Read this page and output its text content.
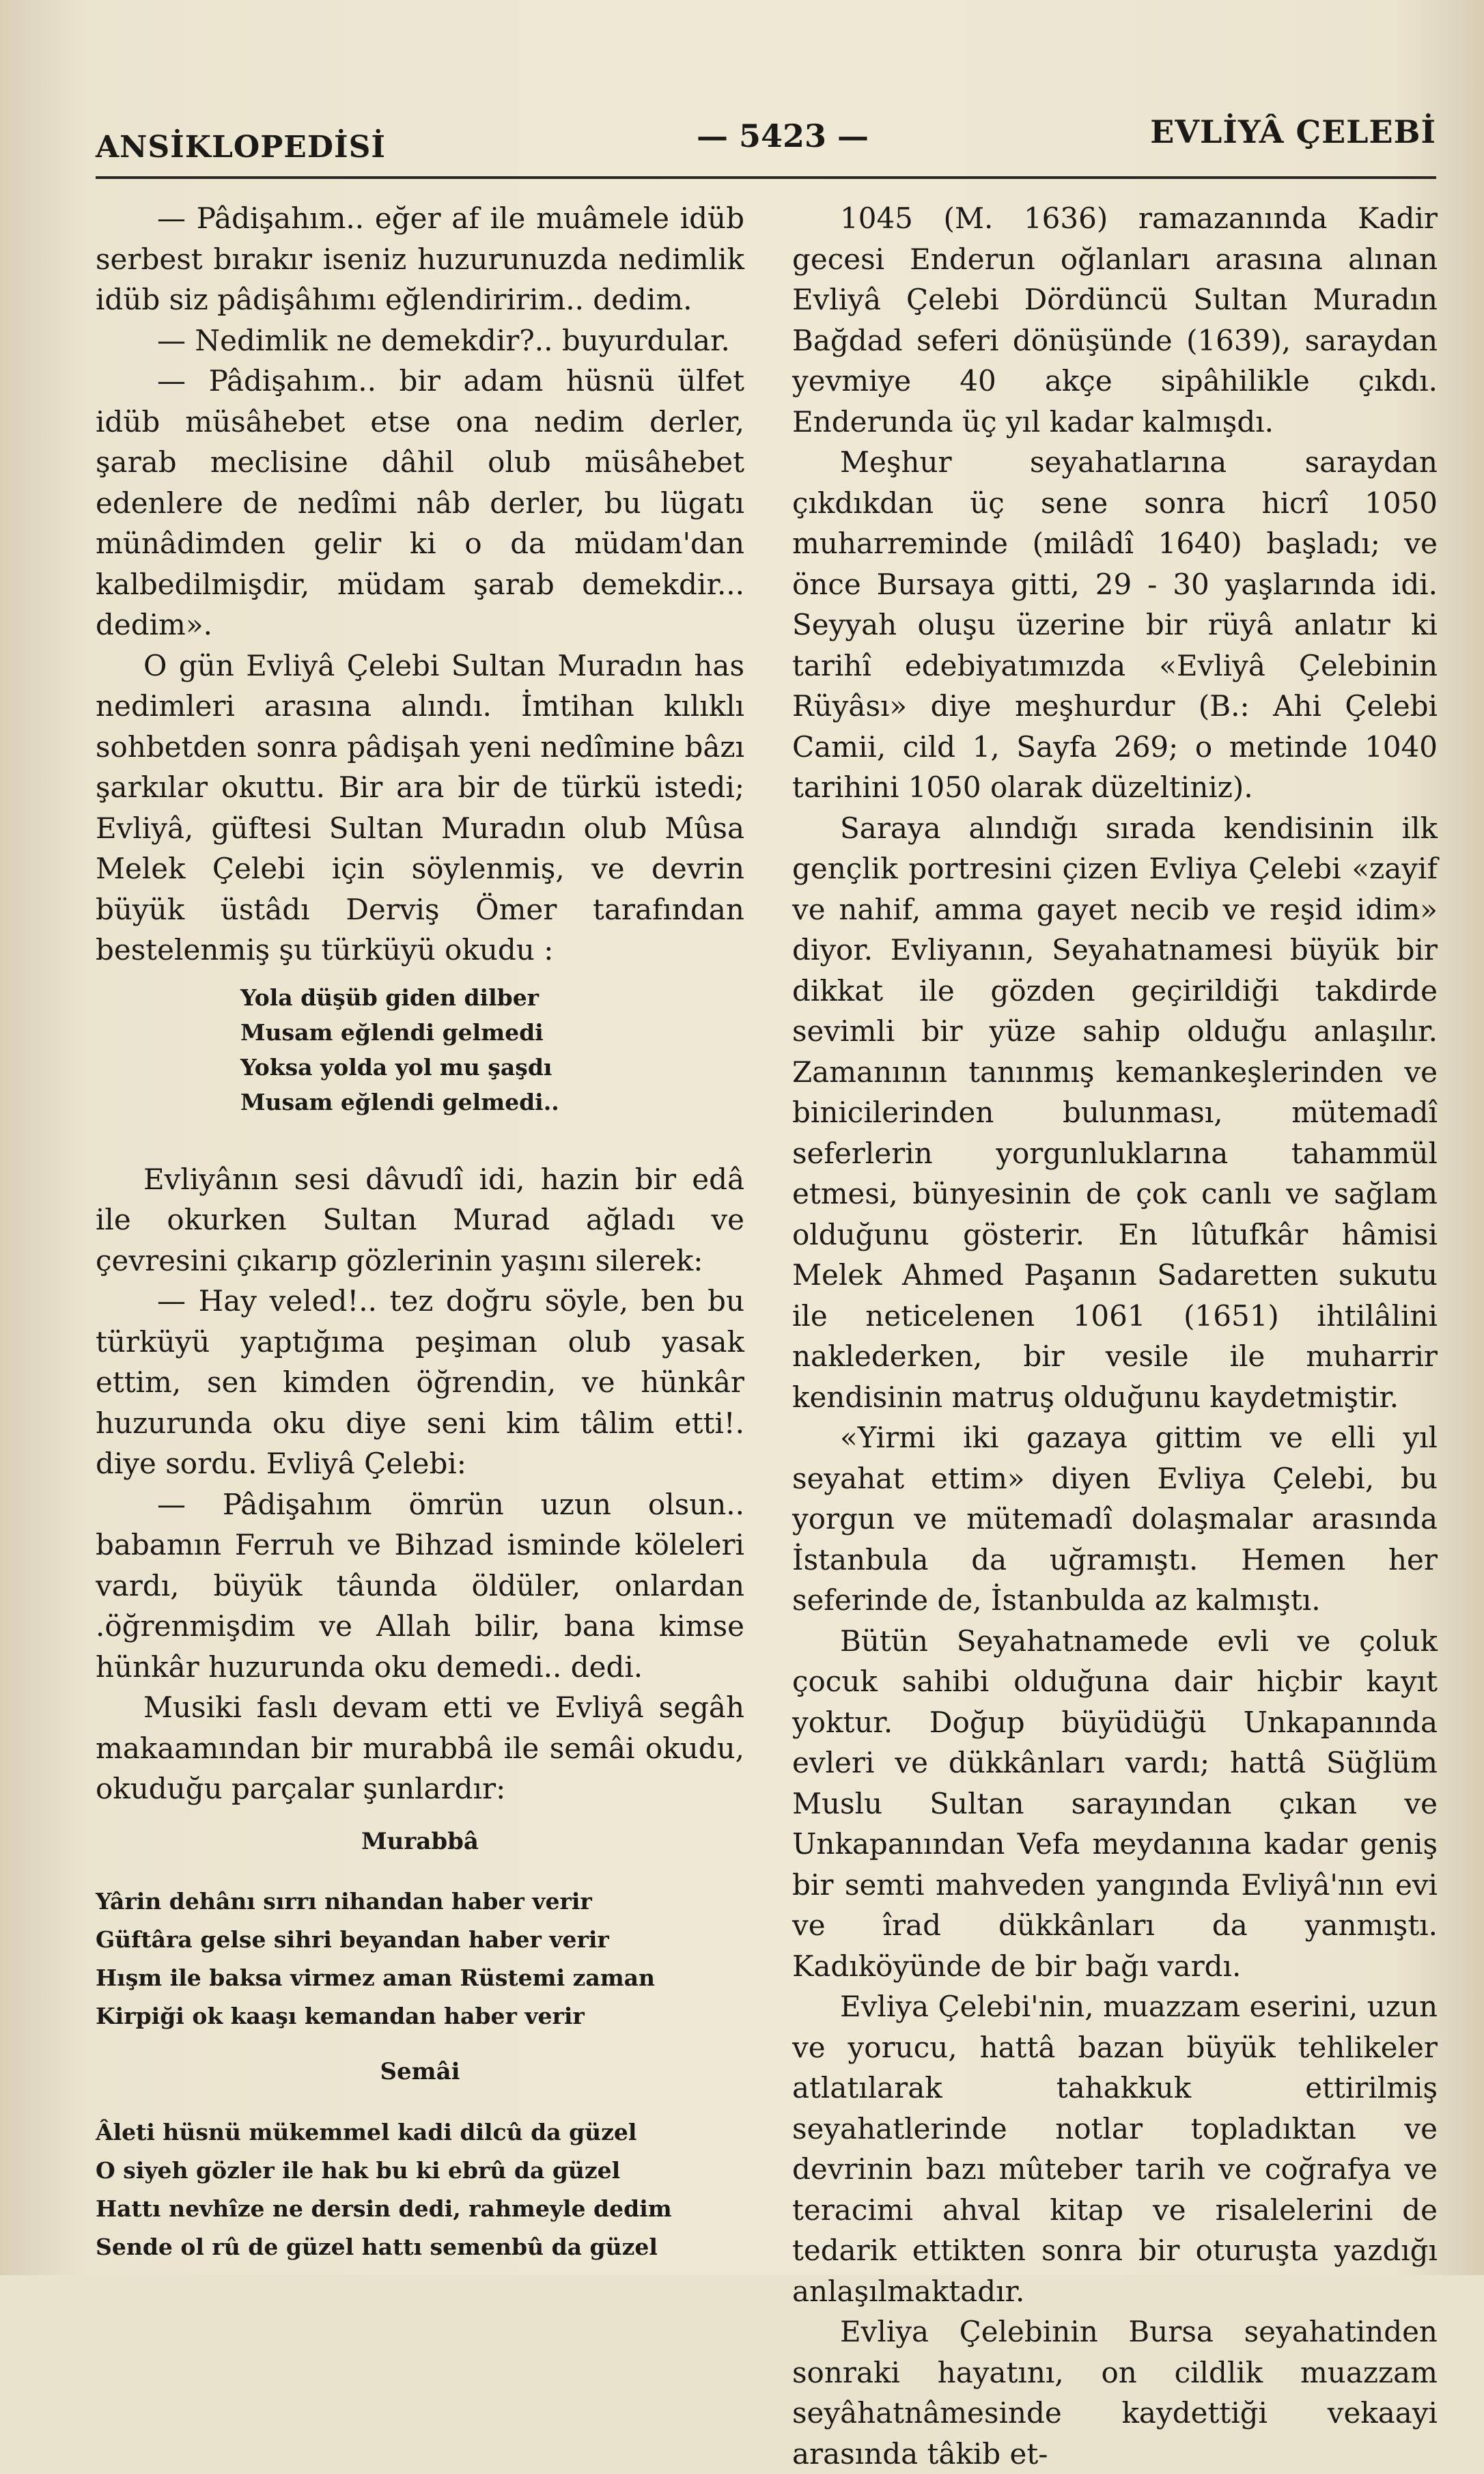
ANSİKLOPEDİSİ	— 5423 —	EVLİYÂ ÇELEBİ

— Pâdişahım.. eğer af ile muâmele idüb serbest bırakır iseniz huzurunuzda nedimlik idüb siz pâdişâhımı eğlendiririm.. dedim.

— Nedimlik ne demekdir?.. buyurdular.

— Pâdişahım.. bir adam hüsnü ülfet idüb müsâhebet etse ona nedim derler, şarab meclisine dâhil olub müsâhebet edenlere de nedîmi nâb derler, bu lügatı münâdimden gelir ki o da müdam'dan kalbedilmişdir, müdam şarab demekdir... dedim».

O gün Evliyâ Çelebi Sultan Muradın has nedimleri arasına alındı. İmtihan kılıklı sohbetden sonra pâdişah yeni nedîmine bâzı şarkılar okuttu. Bir ara bir de türkü istedi; Evliyâ, güftesi Sultan Muradın olub Mûsa Melek Çelebi için söylenmiş, ve devrin büyük üstâdı Derviş Ömer tarafından bestelenmiş şu türküyü okudu :

Yola düşüb giden dilber
Musam eğlendi gelmedi
Yoksa yolda yol mu şaşdı
Musam eğlendi gelmedi..

Evliyânın sesi dâvudî idi, hazin bir edâ ile okurken Sultan Murad ağladı ve çevresini çıkarıp gözlerinin yaşını silerek:

— Hay veled!.. tez doğru söyle, ben bu türküyü yaptığıma peşiman olub yasak ettim, sen kimden öğrendin, ve hünkâr huzurunda oku diye seni kim tâlim etti!. diye sordu. Evliyâ Çelebi:

— Pâdişahım ömrün uzun olsun.. babamın Ferruh ve Bihzad isminde köleleri vardı, büyük tâunda öldüler, onlardan .öğrenmişdim ve Allah bilir, bana kimse hünkâr huzurunda oku demedi.. dedi.

Musiki faslı devam etti ve Evliyâ segâh makaamından bir murabbâ ile semâi okudu, okuduğu parçalar şunlardır:

Murabbâ
Yârin dehânı sırrı nihandan haber verir
Güftâra gelse sihri beyandan haber verir
Hışm ile baksa virmez aman Rüstemi zaman
Kirpiği ok kaaşı kemandan haber verir
Semâi
Âleti hüsnü mükemmel kadi dilcû da güzel
O siyeh gözler ile hak bu ki ebrû da güzel
Hattı nevhîze ne dersin dedi, rahmeyle dedim
Sende ol rû de güzel hattı semenbû da güzel

1045 (M. 1636) ramazanında Kadir gecesi Enderun oğlanları arasına alınan Evliyâ Çelebi Dördüncü Sultan Muradın Bağdad seferi dönüşünde (1639), saraydan yevmiye 40 akçe sipâhilikle çıkdı. Enderunda üç yıl kadar kalmışdı.

Meşhur seyahatlarına saraydan çıkdıkdan üç sene sonra hicrî 1050 muharreminde (milâdî 1640) başladı; ve önce Bursaya gitti, 29 - 30 yaşlarında idi. Seyyah oluşu üzerine bir rüyâ anlatır ki tarihî edebiyatımızda «Evliyâ Çelebinin Rüyâsı» diye meşhurdur (B.: Ahi Çelebi Camii, cild 1, Sayfa 269; o metinde 1040 tarihini 1050 olarak düzeltiniz).

Saraya alındığı sırada kendisinin ilk gençlik portresini çizen Evliya Çelebi «zayif ve nahif, amma gayet necib ve reşid idim» diyor. Evliyanın, Seyahatnamesi büyük bir dikkat ile gözden geçirildiği takdirde sevimli bir yüze sahip olduğu anlaşılır. Zamanının tanınmış kemankeşlerinden ve binicilerinden bulunması, mütemadî seferlerin yorgunluklarına tahammül etmesi, bünyesinin de çok canlı ve sağlam olduğunu gösterir. En lûtufkâr hâmisi Melek Ahmed Paşanın Sadaretten sukutu ile neticelenen 1061 (1651) ihtilâlini naklederken, bir vesile ile muharrir kendisinin matruş olduğunu kaydetmiştir.

«Yirmi iki gazaya gittim ve elli yıl seyahat ettim» diyen Evliya Çelebi, bu yorgun ve mütemadî dolaşmalar arasında İstanbula da uğramıştı. Hemen her seferinde de, İstanbulda az kalmıştı.

Bütün Seyahatnamede evli ve çoluk çocuk sahibi olduğuna dair hiçbir kayıt yoktur. Doğup büyüdüğü Unkapanında evleri ve dükkânları vardı; hattâ Süğlüm Muslu Sultan sarayından çıkan ve Unkapanından Vefa meydanına kadar geniş bir semti mahveden yangında Evliyâ'nın evi ve îrad dükkânları da yanmıştı. Kadıköyünde de bir bağı vardı.

Evliya Çelebi'nin, muazzam eserini, uzun ve yorucu, hattâ bazan büyük tehlikeler atlatılarak tahakkuk ettirilmiş seyahatlerinde notlar topladıktan ve devrinin bazı mûteber tarih ve coğrafya ve teracimi ahval kitap ve risalelerini de tedarik ettikten sonra bir oturuşta yazdığı anlaşılmaktadır.

Evliya Çelebinin Bursa seyahatinden sonraki hayatını, on cildlik muazzam seyâhatnâmesinde kaydettiği vekaayi arasında tâkib et-
